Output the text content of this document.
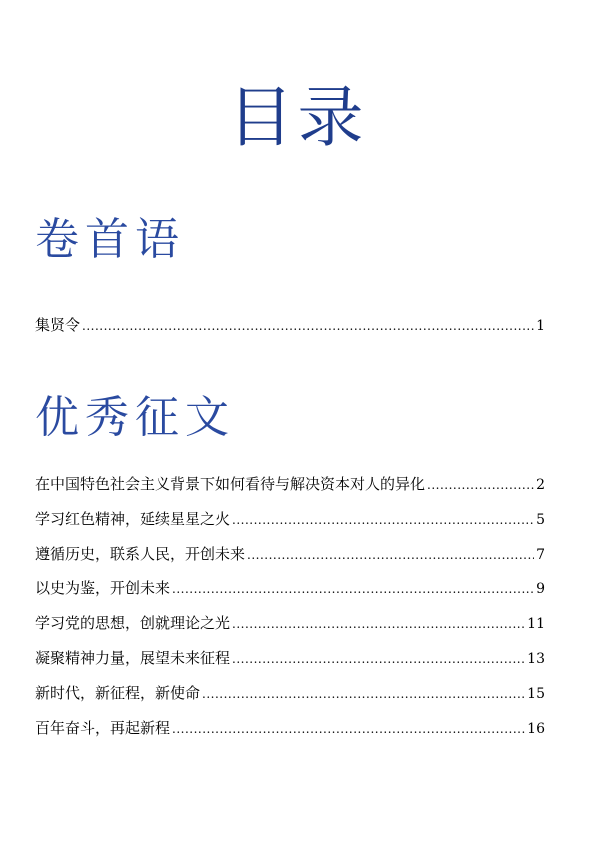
目录
卷首语
集贤令 .....	1
优秀征文
在中国特色社会主义背景下如何看待与解决资本对人的异化 .....	2
学习红色精神，延续星星之火 .....	5
遵循历史，联系人民，开创未来 .....	7
以史为鉴，开创未来 .....	9
学习党的思想，创就理论之光 .....	11
凝聚精神力量，展望未来征程 .....	13
新时代，新征程，新使命 .....	15
百年奋斗，再起新程 .....	16
